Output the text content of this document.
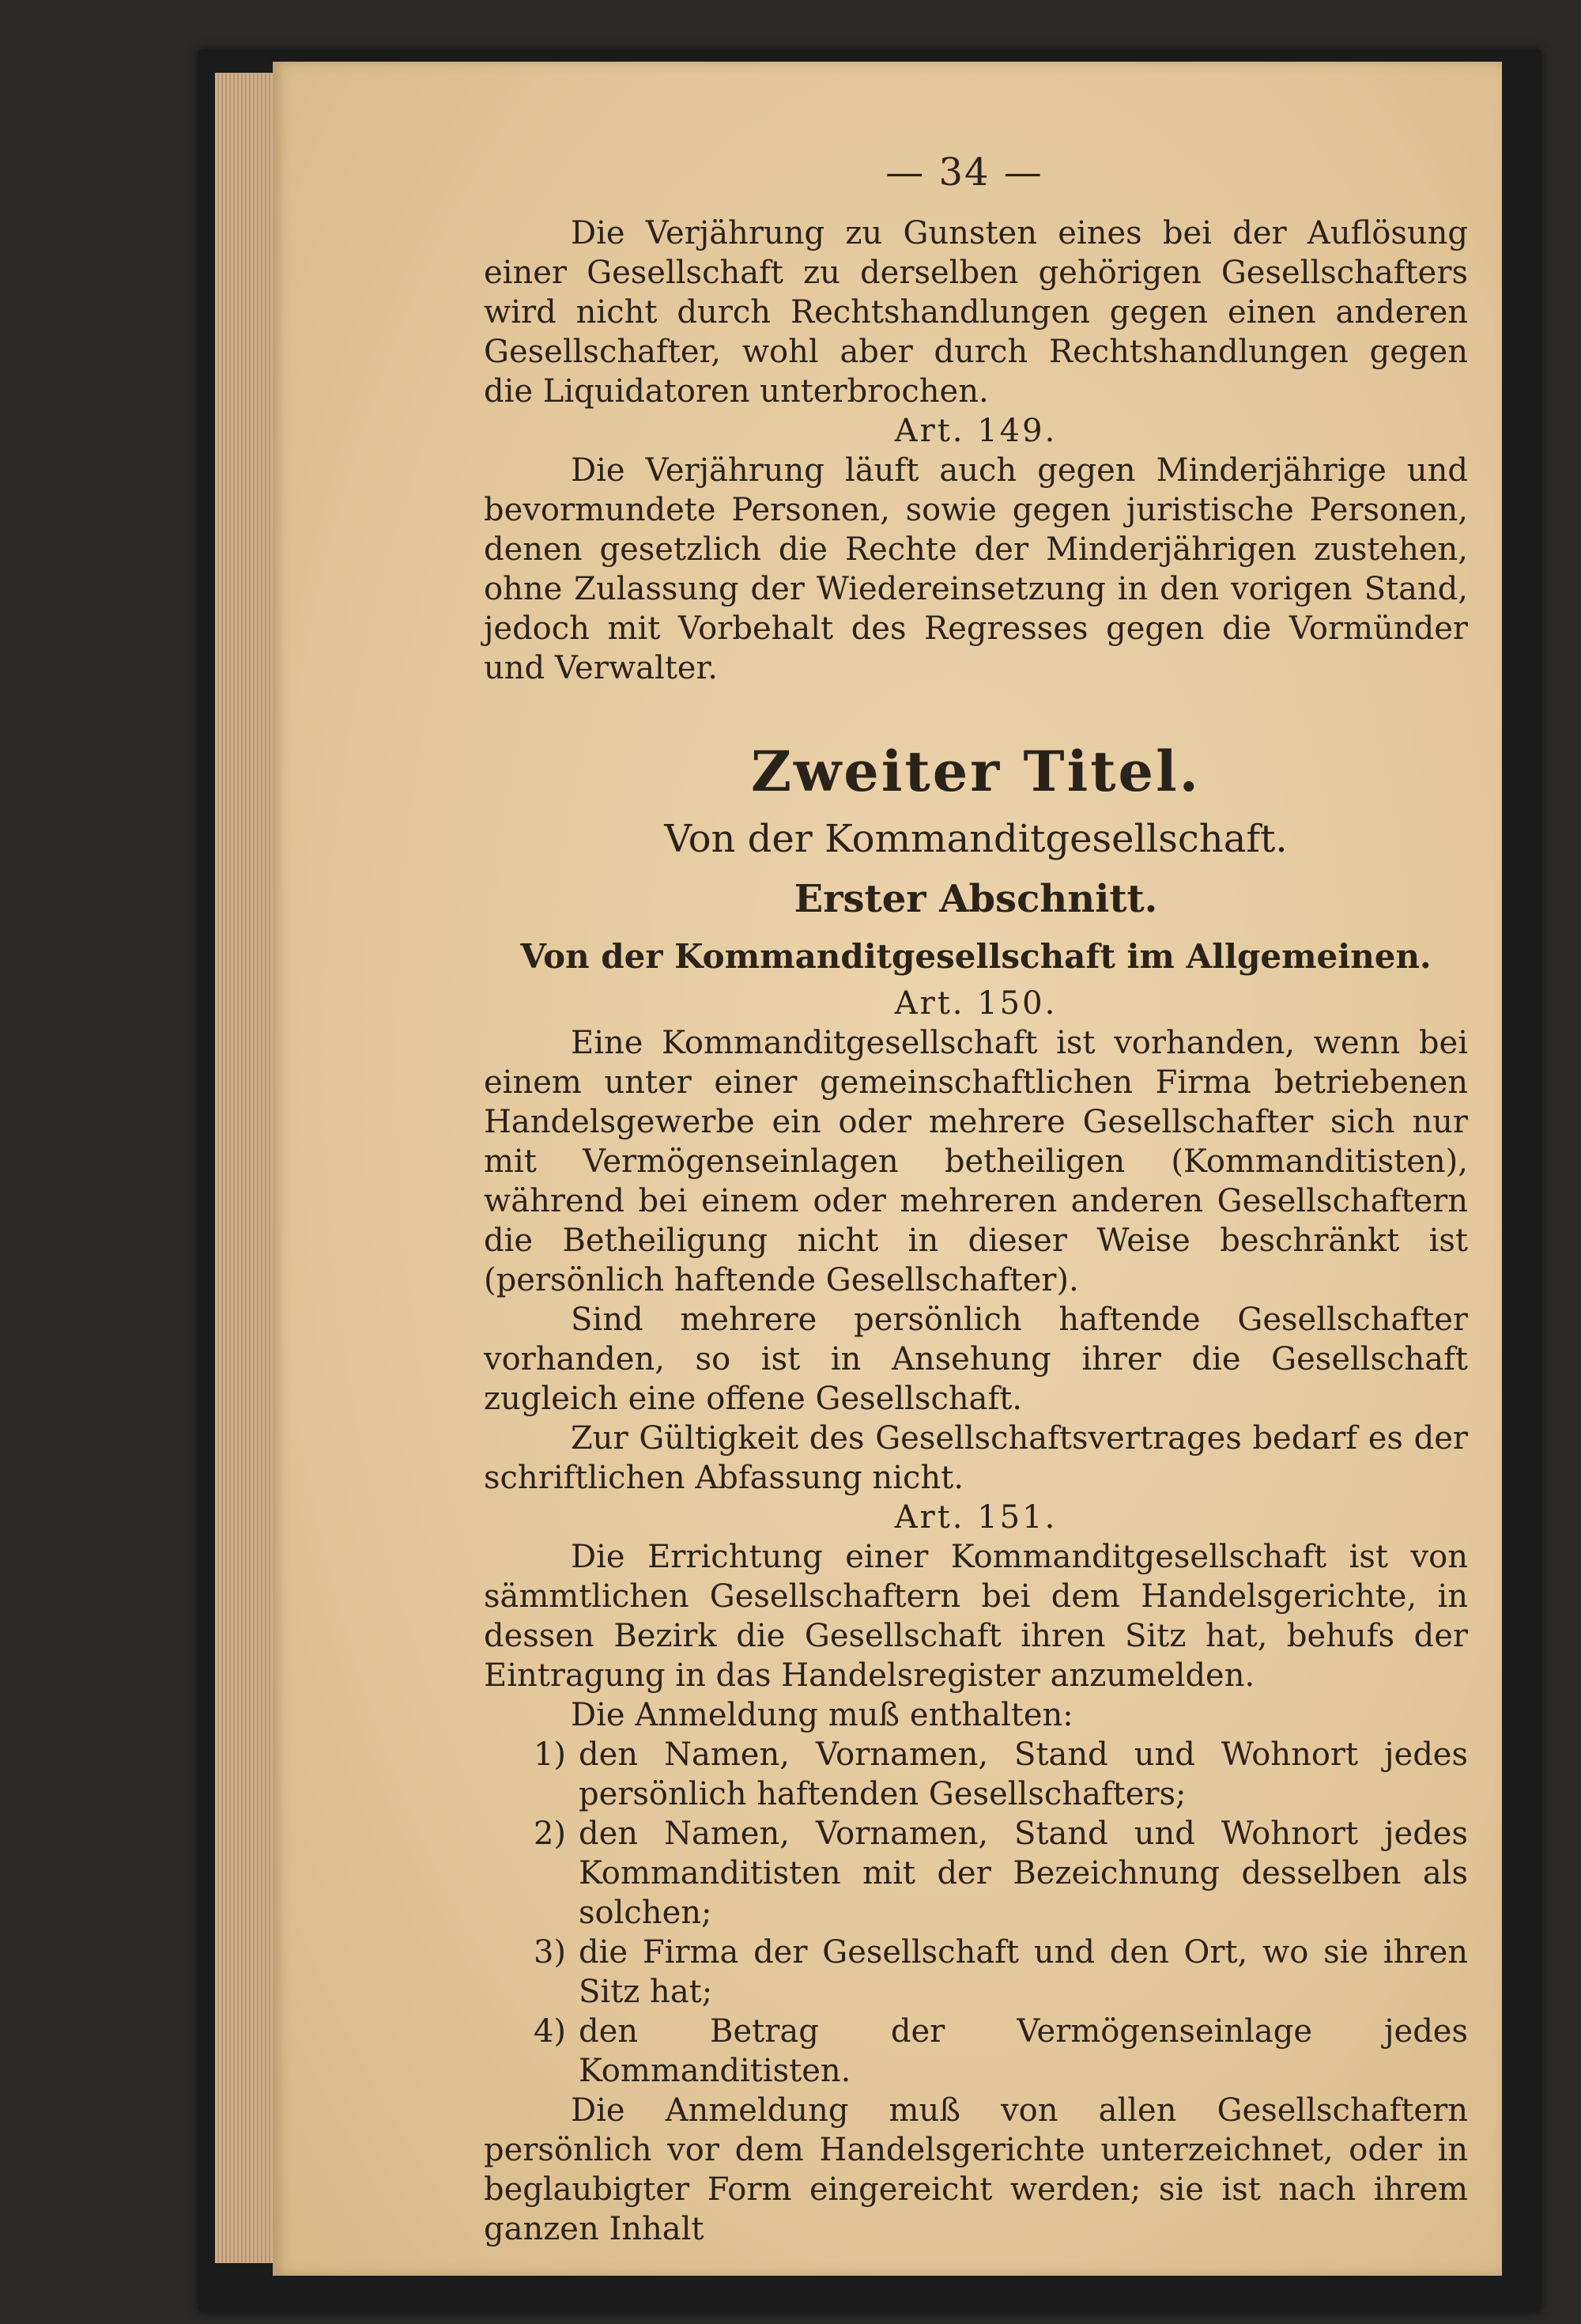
— 34 —

Die Verjährung zu Gunsten eines bei der Auflösung einer Gesellschaft zu derselben gehörigen Gesellschafters wird nicht durch Rechtshandlungen gegen einen anderen Gesellschafter, wohl aber durch Rechtshandlungen gegen die Liquidatoren unterbrochen.

Art. 149.

Die Verjährung läuft auch gegen Minderjährige und bevormundete Personen, sowie gegen juristische Personen, denen gesetzlich die Rechte der Minderjährigen zustehen, ohne Zulassung der Wiedereinsetzung in den vorigen Stand, jedoch mit Vorbehalt des Regresses gegen die Vormünder und Verwalter.

Zweiter Titel.
Von der Kommanditgesellschaft.
Erster Abschnitt.
Von der Kommanditgesellschaft im Allgemeinen.

Art. 150.

Eine Kommanditgesellschaft ist vorhanden, wenn bei einem unter einer gemeinschaftlichen Firma betriebenen Handelsgewerbe ein oder mehrere Gesellschafter sich nur mit Vermögenseinlagen betheiligen (Kommanditisten), während bei einem oder mehreren anderen Gesellschaftern die Betheiligung nicht in dieser Weise beschränkt ist (persönlich haftende Gesellschafter).

Sind mehrere persönlich haftende Gesellschafter vorhanden, so ist in Ansehung ihrer die Gesellschaft zugleich eine offene Gesellschaft.

Zur Gültigkeit des Gesellschaftsvertrages bedarf es der schriftlichen Abfassung nicht.

Art. 151.

Die Errichtung einer Kommanditgesellschaft ist von sämmtlichen Gesellschaftern bei dem Handelsgerichte, in dessen Bezirk die Gesellschaft ihren Sitz hat, behufs der Eintragung in das Handelsregister anzumelden.

Die Anmeldung muß enthalten:

1) den Namen, Vornamen, Stand und Wohnort jedes persönlich haftenden Gesellschafters;
2) den Namen, Vornamen, Stand und Wohnort jedes Kommanditisten mit der Bezeichnung desselben als solchen;
3) die Firma der Gesellschaft und den Ort, wo sie ihren Sitz hat;
4) den Betrag der Vermögenseinlage jedes Kommanditisten.

Die Anmeldung muß von allen Gesellschaftern persönlich vor dem Handelsgerichte unterzeichnet, oder in beglaubigter Form eingereicht werden; sie ist nach ihrem ganzen Inhalt
